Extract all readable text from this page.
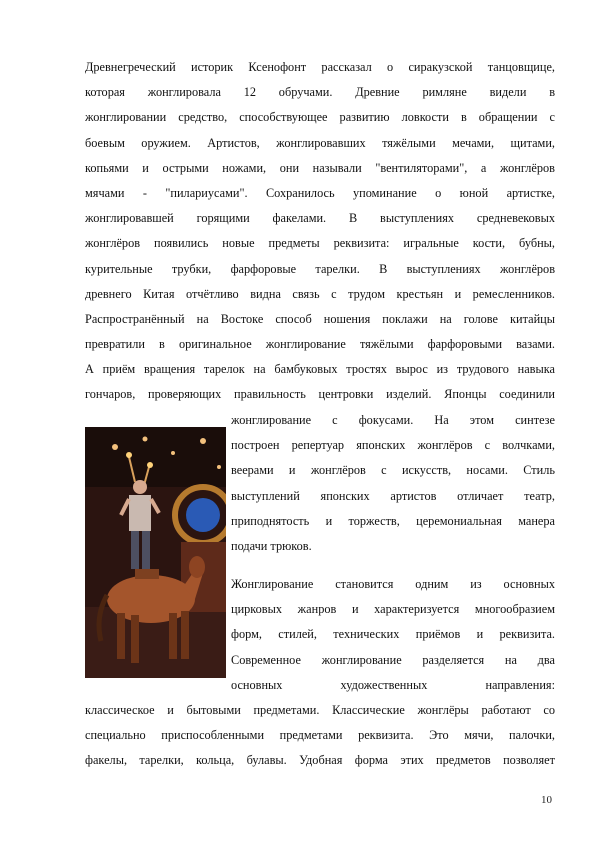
Древнегреческий историк Ксенофонт рассказал о сиракузской танцовщице,
которая жонглировала 12 обручами. Древние римляне видели в
жонглировании средство, способствующее развитию ловкости в обращении с
боевым оружием. Артистов, жонглировавших тяжёлыми мечами, щитами,
копьями и острыми ножами, они называли "вентиляторами", а жонглёров
мячами - "пилариусами". Сохранилось упоминание о юной артистке,
жонглировавшей горящими факелами. В выступлениях средневековых
жонглёров появились новые предметы реквизита: игральные кости, бубны,
курительные трубки, фарфоровые тарелки. В выступлениях жонглёров
древнего Китая отчётливо видна связь с трудом крестьян и ремесленников.
Распространённый на Востоке способ ношения поклажи на голове китайцы
превратили в оригинальное жонглирование тяжёлыми фарфоровыми вазами.
А приём вращения тарелок на бамбуковых тростях вырос из трудового навыка
гончаров, проверяющих правильность центровки изделий. Японцы соединили
жонглирование с фокусами. На этом синтезе
построен репертуар японских жонглёров с волчками,
веерами и жонглёров с искусств, носами. Стиль
выступлений японских артистов отличает театр,
приподнятость и торжеств, церемониальная манера
подачи трюков.
Жонглирование становится одним из основных
цирковых жанров и характеризуется многообразием
форм, стилей, технических приёмов и реквизита.
Современное жонглирование разделяется на два
основных художественных направления:
классическое и бытовыми предметами. Классические жонглёры работают со
специально приспособленными предметами реквизита. Это мячи, палочки,
факелы, тарелки, кольца, булавы. Удобная форма этих предметов позволяет
10
